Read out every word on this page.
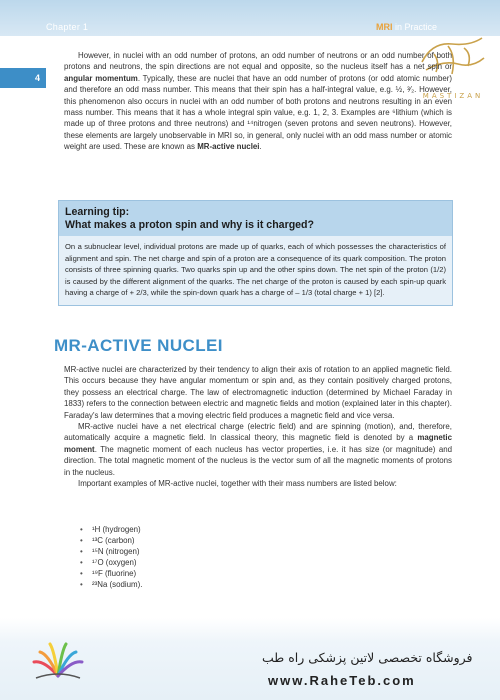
Chapter 1	MRI in Practice
4
MASTIZAN

However, in nuclei with an odd number of protons, an odd number of neutrons or an odd number of both protons and neutrons, the spin directions are not equal and opposite, so the nucleus itself has a net spin or angular momentum. Typically, these are nuclei that have an odd number of protons (or odd atomic number) and therefore an odd mass number. This means that their spin has a half-integral value, e.g. ½, ³⁄₂. However, this phenomenon also occurs in nuclei with an odd number of both protons and neutrons resulting in an even mass number. This means that it has a whole integral spin value, e.g. 1, 2, 3. Examples are ⁶lithium (which is made up of three protons and three neutrons) and ¹⁴nitrogen (seven protons and seven neutrons). However, these elements are largely unobservable in MRI so, in general, only nuclei with an odd mass number or atomic weight are used. These are known as MR-active nuclei.

Learning tip:
What makes a proton spin and why is it charged?
On a subnuclear level, individual protons are made up of quarks, each of which possesses the characteristics of alignment and spin. The net charge and spin of a proton are a consequence of its quark composition. The proton consists of three spinning quarks. Two quarks spin up and the other spins down. The net spin of the proton (1/2) is caused by the different alignment of the quarks. The net charge of the proton is caused by each spin-up quark having a charge of + 2/3, while the spin-down quark has a charge of – 1/3 (total charge + 1) [2].
MR-ACTIVE NUCLEI

MR-active nuclei are characterized by their tendency to align their axis of rotation to an applied magnetic field. This occurs because they have angular momentum or spin and, as they contain positively charged protons, they possess an electrical charge. The law of electromagnetic induction (determined by Michael Faraday in 1833) refers to the connection between electric and magnetic fields and motion (explained later in this chapter). Faraday's law determines that a moving electric field produces a magnetic field and vice versa.

MR-active nuclei have a net electrical charge (electric field) and are spinning (motion), and, therefore, automatically acquire a magnetic field. In classical theory, this magnetic field is denoted by a magnetic moment. The magnetic moment of each nucleus has vector properties, i.e. it has size (or magnitude) and direction. The total magnetic moment of the nucleus is the vector sum of all the magnetic moments of protons in the nucleus.

Important examples of MR-active nuclei, together with their mass numbers are listed below:

• ¹H (hydrogen)
• ¹³C (carbon)
• ¹⁵N (nitrogen)
• ¹⁷O (oxygen)
• ¹⁹F (fluorine)
• ²³Na (sodium).
فروشگاه تخصصی لاتین پزشکی راه طب
www.RaheTeb.com
